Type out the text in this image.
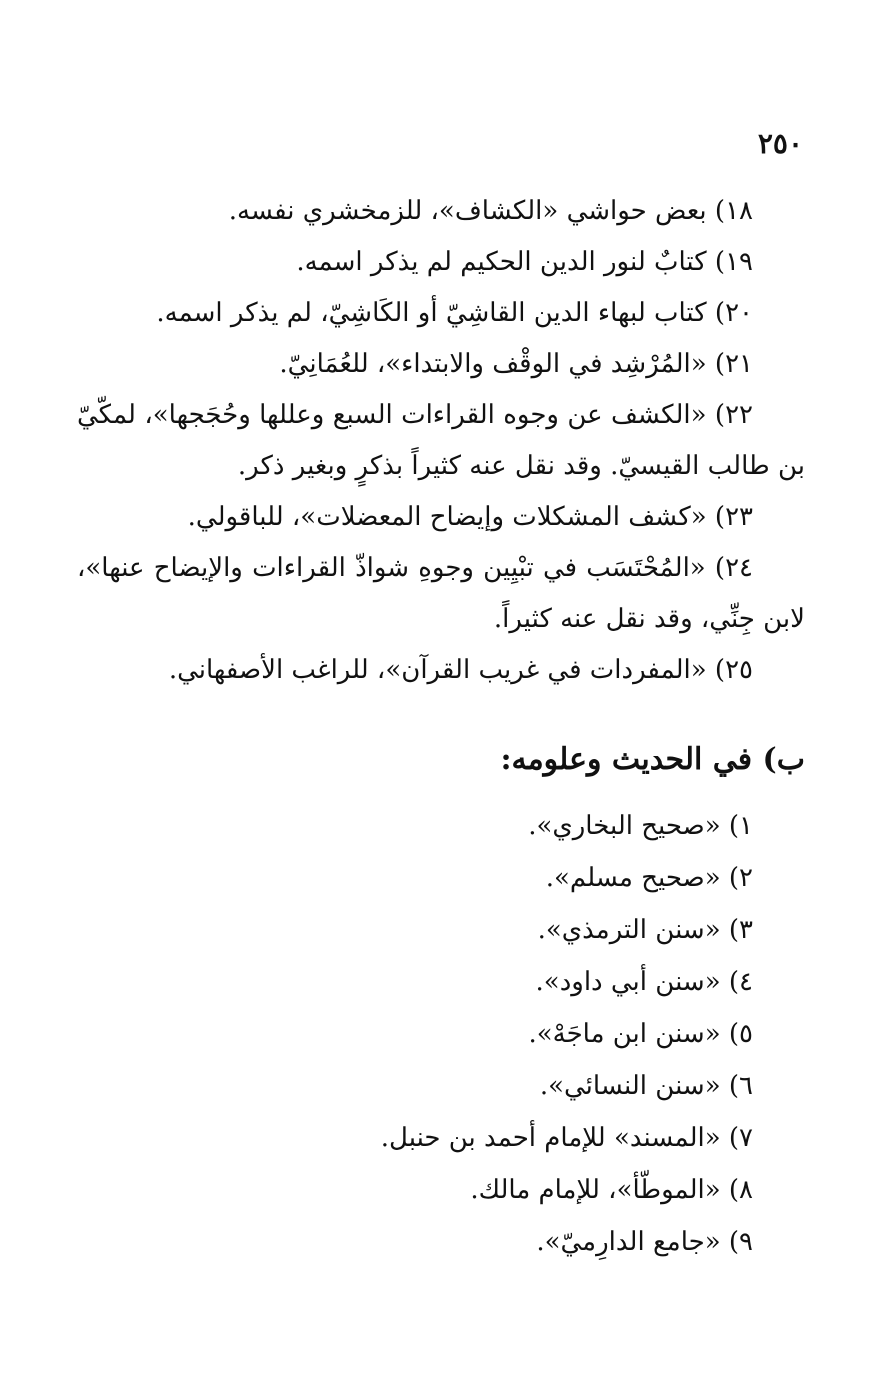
٢٥٠
١٨) بعض حواشي «الكشاف»، للزمخشري نفسه.
١٩) كتابٌ لنور الدين الحكيم لم يذكر اسمه.
٢٠) كتاب لبهاء الدين القاشِيّ أو الكَاشِيّ، لم يذكر اسمه.
٢١) «المُرْشِد في الوقْف والابتداء»، للعُمَانِيّ.
٢٢) «الكشف عن وجوه القراءات السبع وعللها وحُجَجها»، لمكّيّ بن طالب القيسيّ. وقد نقل عنه كثيراً بذكرٍ وبغير ذكر.
٢٣) «كشف المشكلات وإيضاح المعضلات»، للباقولي.
٢٤) «المُحْتَسَب في تبْيِين وجوهِ شواذّ القراءات والإيضاح عنها»، لابن جِنِّي، وقد نقل عنه كثيراً.
٢٥) «المفردات في غريب القرآن»، للراغب الأصفهاني.
ب) في الحديث وعلومه:
١) «صحيح البخاري».
٢) «صحيح مسلم».
٣) «سنن الترمذي».
٤) «سنن أبي داود».
٥) «سنن ابن ماجَهْ».
٦) «سنن النسائي».
٧) «المسند» للإمام أحمد بن حنبل.
٨) «الموطّأ»، للإمام مالك.
٩) «جامع الدارِميّ».
